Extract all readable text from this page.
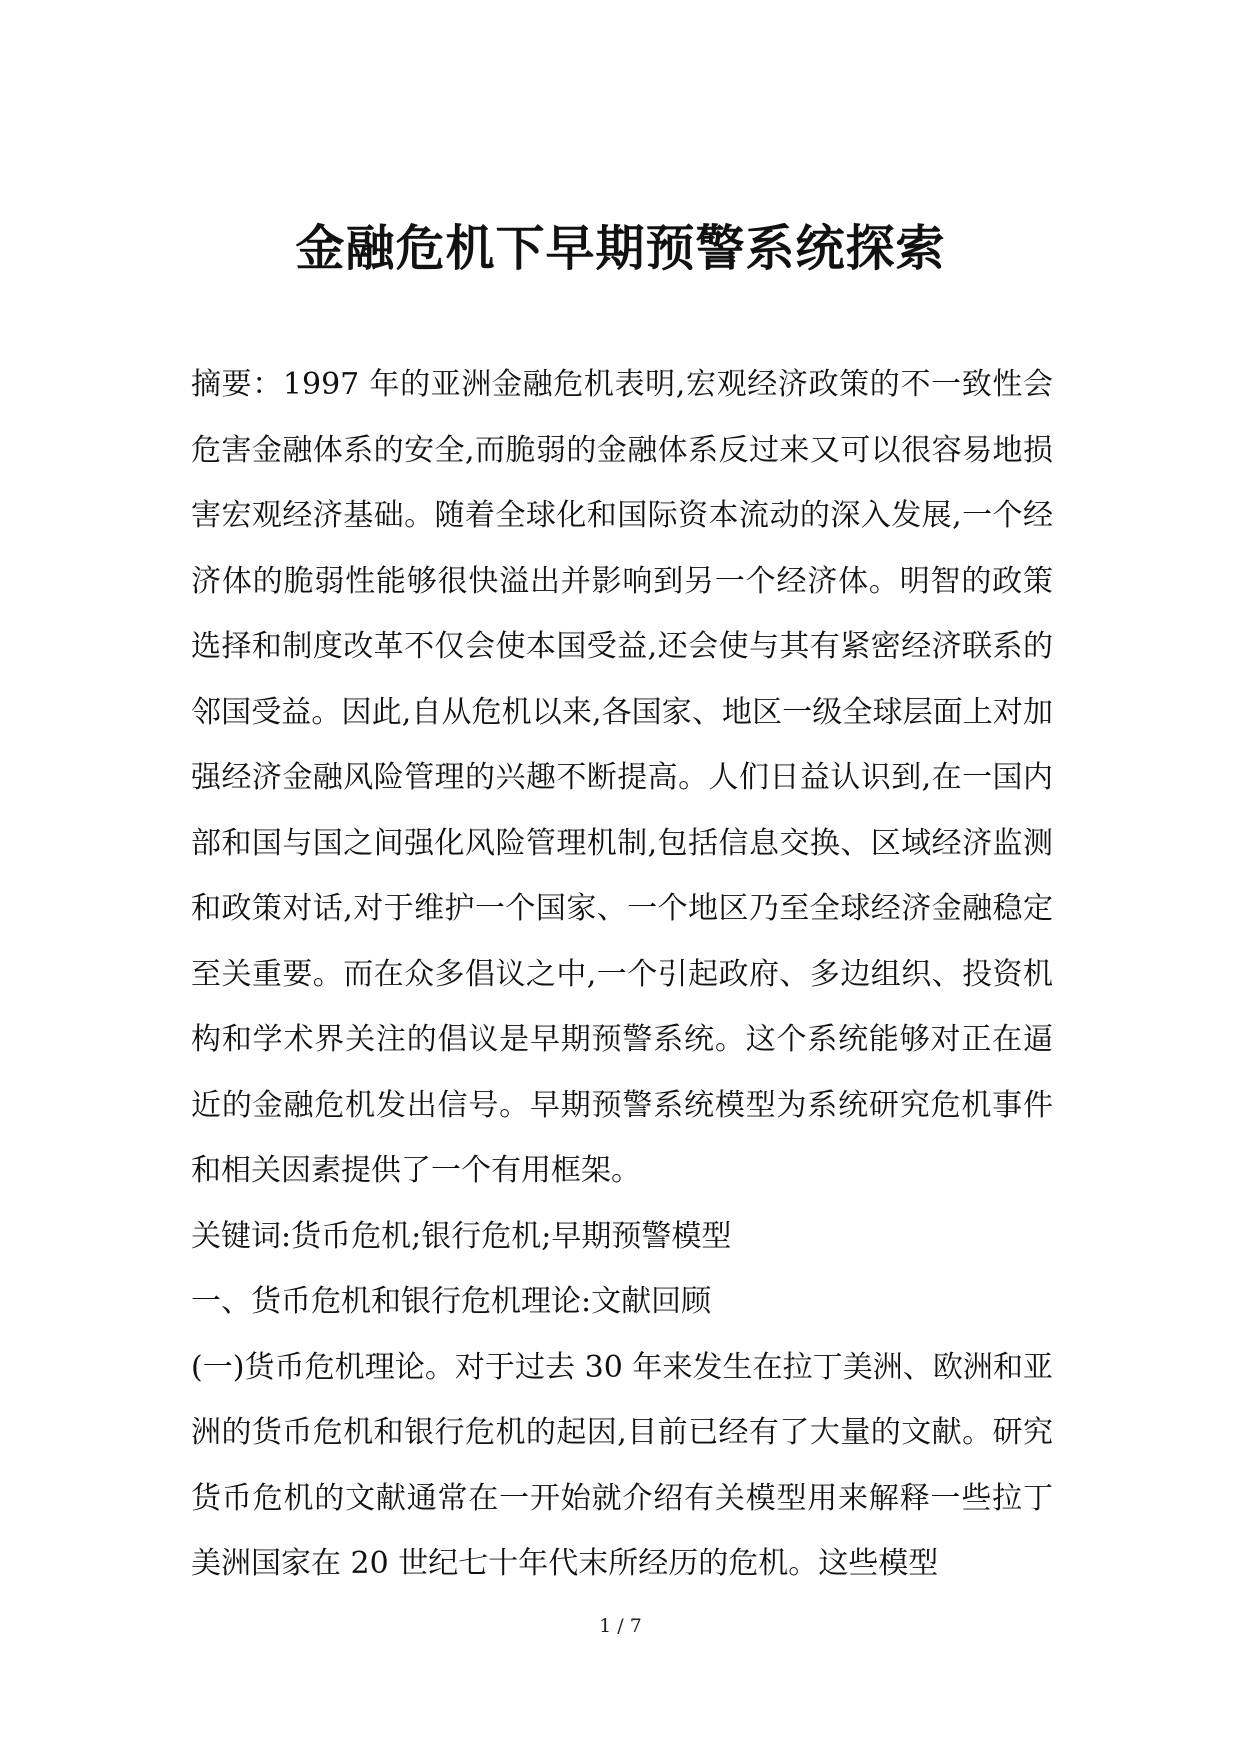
金融危机下早期预警系统探索

摘要：1997 年的亚洲金融危机表明,宏观经济政策的不一致性会危害金融体系的安全,而脆弱的金融体系反过来又可以很容易地损害宏观经济基础。随着全球化和国际资本流动的深入发展,一个经济体的脆弱性能够很快溢出并影响到另一个经济体。明智的政策选择和制度改革不仅会使本国受益,还会使与其有紧密经济联系的邻国受益。因此,自从危机以来,各国家、地区一级全球层面上对加强经济金融风险管理的兴趣不断提高。人们日益认识到,在一国内部和国与国之间强化风险管理机制,包括信息交换、区域经济监测和政策对话,对于维护一个国家、一个地区乃至全球经济金融稳定至关重要。而在众多倡议之中,一个引起政府、多边组织、投资机构和学术界关注的倡议是早期预警系统。这个系统能够对正在逼近的金融危机发出信号。早期预警系统模型为系统研究危机事件和相关因素提供了一个有用框架。

关键词:货币危机;银行危机;早期预警模型

一、货币危机和银行危机理论:文献回顾

(一)货币危机理论。对于过去 30 年来发生在拉丁美洲、欧洲和亚洲的货币危机和银行危机的起因,目前已经有了大量的文献。研究货币危机的文献通常在一开始就介绍有关模型用来解释一些拉丁美洲国家在 20 世纪七十年代末所经历的危机。这些模型

1 / 7
